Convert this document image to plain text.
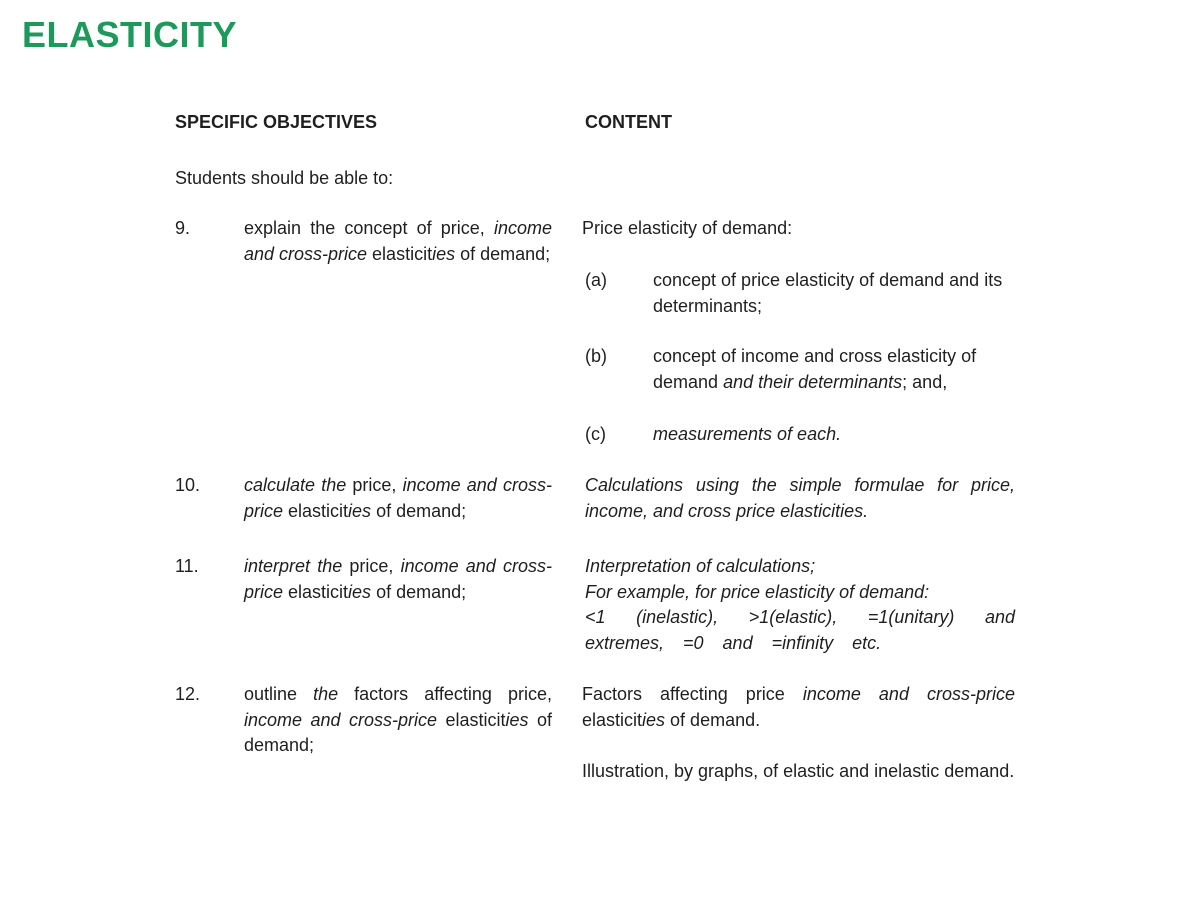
ELASTICITY
SPECIFIC OBJECTIVES	CONTENT
Students should be able to:
9.	explain the concept of price, income and cross-price elasticities of demand;
Price elasticity of demand:
(a)	concept of price elasticity of demand and its determinants;
(b)	concept of income and cross elasticity of demand and their determinants; and,
(c)	measurements of each.
10. calculate the price, income and cross-price elasticities of demand;
Calculations using the simple formulae for price, income, and cross price elasticities.
11.	interpret the price, income and cross-price elasticities of demand;
Interpretation of calculations;
For example, for price elasticity of demand:
<1 (inelastic), >1(elastic), =1(unitary) and extremes, =0 and =infinity etc.
12. outline the factors affecting price, income and cross-price elasticities of demand;
Factors affecting price income and cross-price elasticities of demand.
Illustration, by graphs, of elastic and inelastic demand.
